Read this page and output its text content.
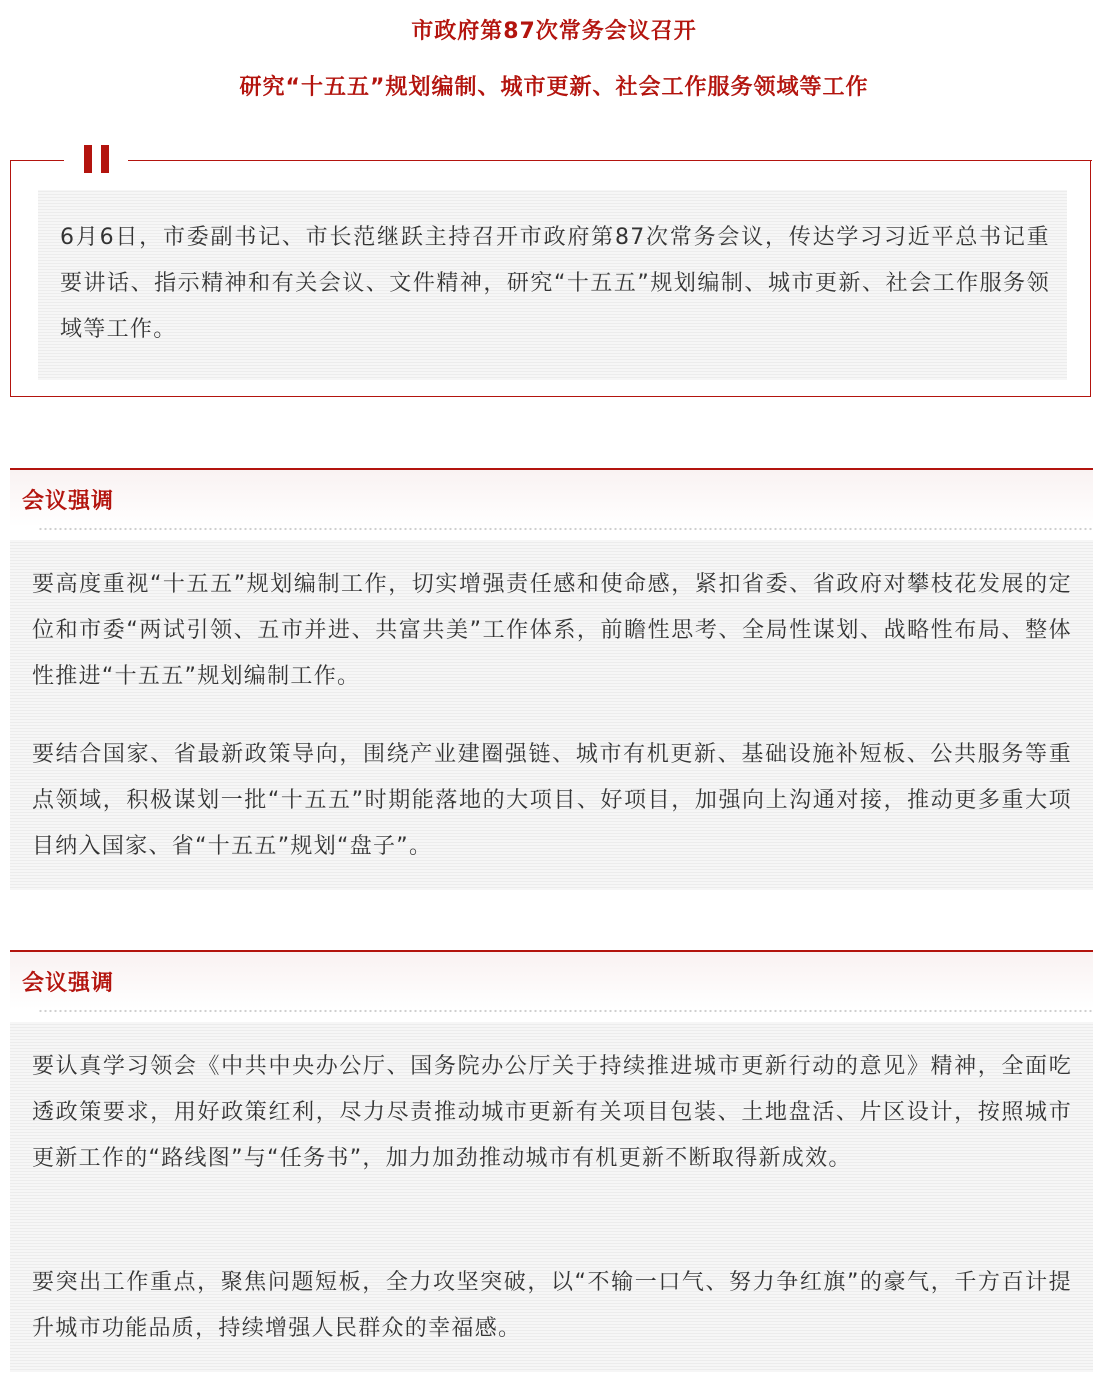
市政府第87次常务会议召开
研究“十五五”规划编制、城市更新、社会工作服务领域等工作

6月6日，市委副书记、市长范继跃主持召开市政府第87次常务会议，传达学习习近平总书记重要讲话、指示精神和有关会议、文件精神，研究“十五五”规划编制、城市更新、社会工作服务领域等工作。

会议强调

要高度重视“十五五”规划编制工作，切实增强责任感和使命感，紧扣省委、省政府对攀枝花发展的定位和市委“两试引领、五市并进、共富共美”工作体系，前瞻性思考、全局性谋划、战略性布局、整体性推进“十五五”规划编制工作。

要结合国家、省最新政策导向，围绕产业建圈强链、城市有机更新、基础设施补短板、公共服务等重点领域，积极谋划一批“十五五”时期能落地的大项目、好项目，加强向上沟通对接，推动更多重大项目纳入国家、省“十五五”规划“盘子”。

会议强调

要认真学习领会《中共中央办公厅、国务院办公厅关于持续推进城市更新行动的意见》精神，全面吃透政策要求，用好政策红利，尽力尽责推动城市更新有关项目包装、土地盘活、片区设计，按照城市更新工作的“路线图”与“任务书”，加力加劲推动城市有机更新不断取得新成效。

要突出工作重点，聚焦问题短板，全力攻坚突破，以“不输一口气、努力争红旗”的豪气，千方百计提升城市功能品质，持续增强人民群众的幸福感。
